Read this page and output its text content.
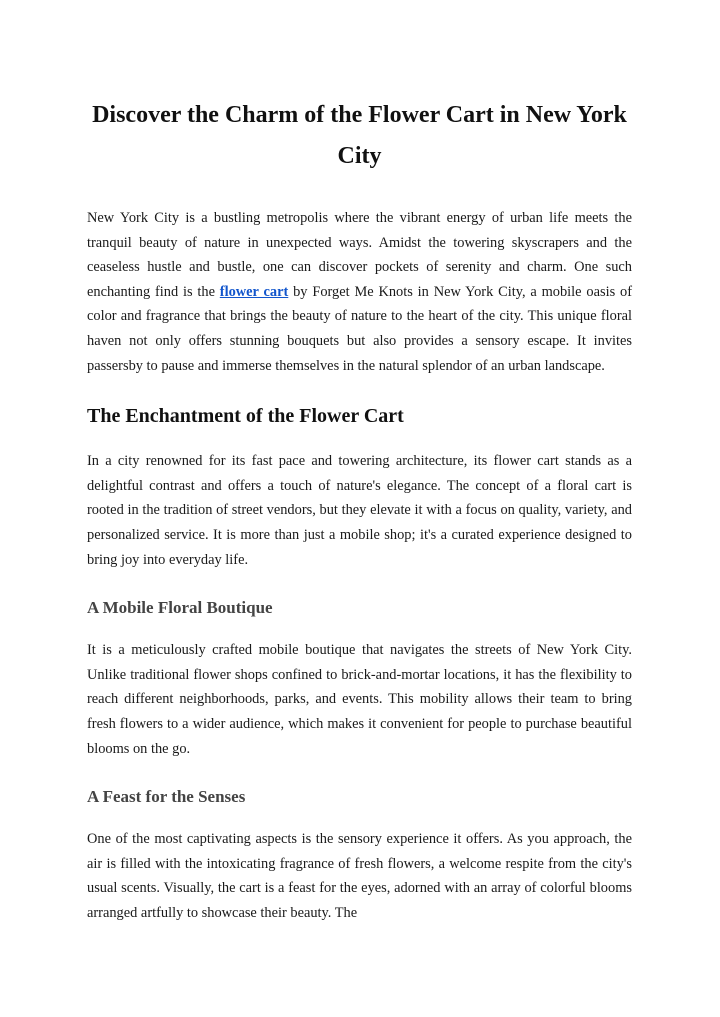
Discover the Charm of the Flower Cart in New York City

New York City is a bustling metropolis where the vibrant energy of urban life meets the tranquil beauty of nature in unexpected ways. Amidst the towering skyscrapers and the ceaseless hustle and bustle, one can discover pockets of serenity and charm. One such enchanting find is the flower cart by Forget Me Knots in New York City, a mobile oasis of color and fragrance that brings the beauty of nature to the heart of the city. This unique floral haven not only offers stunning bouquets but also provides a sensory escape. It invites passersby to pause and immerse themselves in the natural splendor of an urban landscape.

The Enchantment of the Flower Cart

In a city renowned for its fast pace and towering architecture, its flower cart stands as a delightful contrast and offers a touch of nature's elegance. The concept of a floral cart is rooted in the tradition of street vendors, but they elevate it with a focus on quality, variety, and personalized service. It is more than just a mobile shop; it's a curated experience designed to bring joy into everyday life.

A Mobile Floral Boutique

It is a meticulously crafted mobile boutique that navigates the streets of New York City. Unlike traditional flower shops confined to brick-and-mortar locations, it has the flexibility to reach different neighborhoods, parks, and events. This mobility allows their team to bring fresh flowers to a wider audience, which makes it convenient for people to purchase beautiful blooms on the go.

A Feast for the Senses

One of the most captivating aspects is the sensory experience it offers. As you approach, the air is filled with the intoxicating fragrance of fresh flowers, a welcome respite from the city's usual scents. Visually, the cart is a feast for the eyes, adorned with an array of colorful blooms arranged artfully to showcase their beauty. The
